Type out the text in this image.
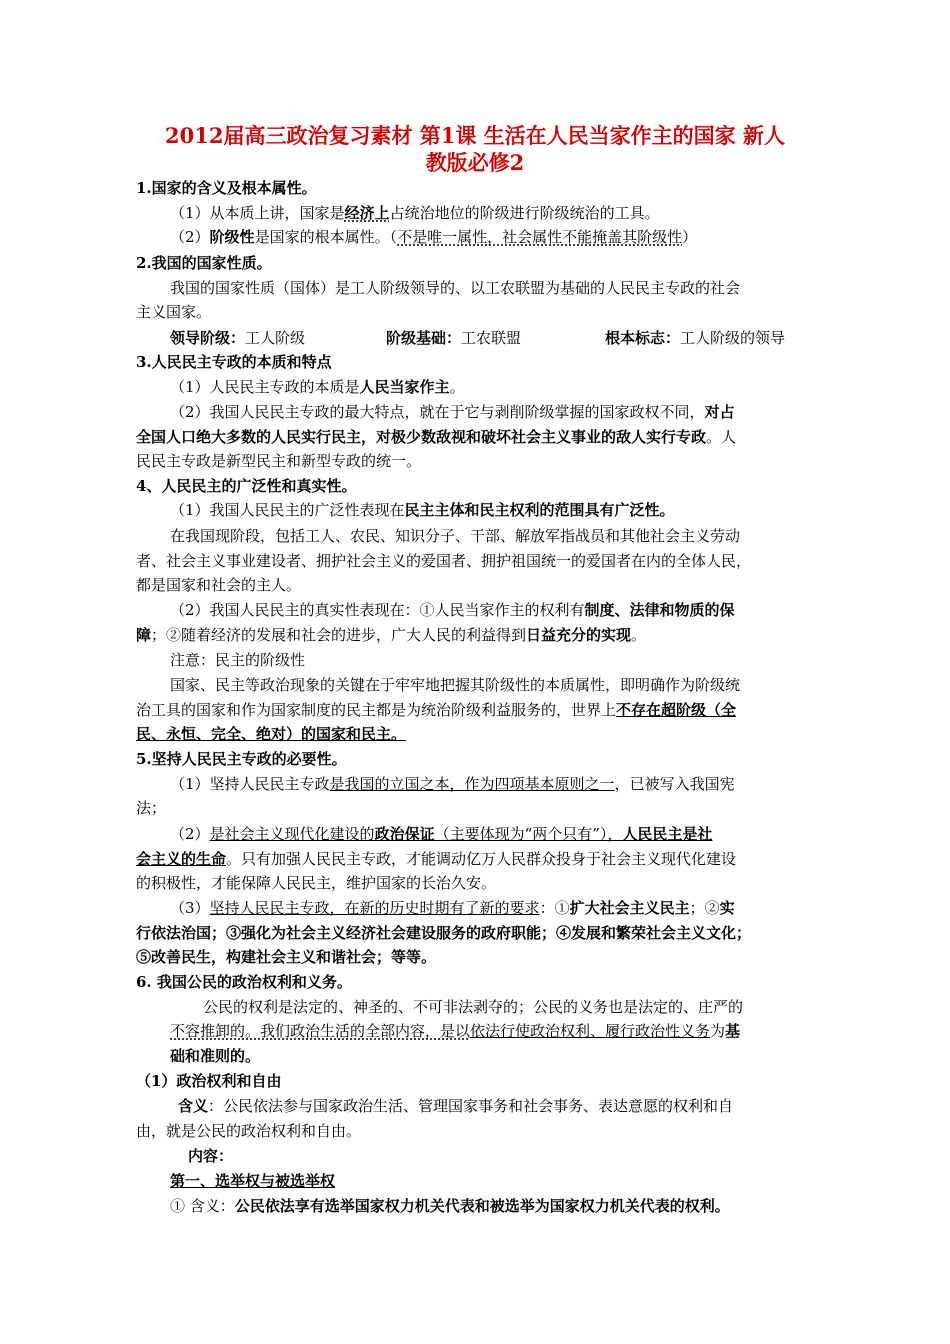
2012届高三政治复习素材 第1课 生活在人民当家作主的国家 新人
教版必修2
1.国家的含义及根本属性。
（1）从本质上讲，国家是经济上占统治地位的阶级进行阶级统治的工具。
（2）阶级性是国家的根本属性。（不是唯一属性，社会属性不能掩盖其阶级性）
2.我国的国家性质。
我国的国家性质（国体）是工人阶级领导的、以工农联盟为基础的人民民主专政的社会
主义国家。
领导阶级：工人阶级	阶级基础：工农联盟	根本标志：工人阶级的领导
3.人民民主专政的本质和特点
（1）人民民主专政的本质是人民当家作主。
（2）我国人民民主专政的最大特点，就在于它与剥削阶级掌握的国家政权不同，对占
全国人口绝大多数的人民实行民主，对极少数敌视和破坏社会主义事业的敌人实行专政。人
民民主专政是新型民主和新型专政的统一。
4、人民民主的广泛性和真实性。
（1）我国人民民主的广泛性表现在民主主体和民主权利的范围具有广泛性。
在我国现阶段，包括工人、农民、知识分子、干部、解放军指战员和其他社会主义劳动
者、社会主义事业建设者、拥护社会主义的爱国者、拥护祖国统一的爱国者在内的全体人民，
都是国家和社会的主人。
（2）我国人民民主的真实性表现在：①人民当家作主的权利有制度、法律和物质的保
障；②随着经济的发展和社会的进步，广大人民的利益得到日益充分的实现。
注意：民主的阶级性
国家、民主等政治现象的关键在于牢牢地把握其阶级性的本质属性，即明确作为阶级统
治工具的国家和作为国家制度的民主都是为统治阶级利益服务的，世界上不存在超阶级（全
民、永恒、完全、绝对）的国家和民主。
5.坚持人民民主专政的必要性。
（1）坚持人民民主专政是我国的立国之本，作为四项基本原则之一，已被写入我国宪
法；
（2）是社会主义现代化建设的政治保证（主要体现为“两个只有”），人民民主是社
会主义的生命。只有加强人民民主专政，才能调动亿万人民群众投身于社会主义现代化建设
的积极性，才能保障人民民主，维护国家的长治久安。
（3）坚持人民民主专政，在新的历史时期有了新的要求：①扩大社会主义民主；②实
行依法治国；③强化为社会主义经济社会建设服务的政府职能；④发展和繁荣社会主义文化；
⑤改善民生，构建社会主义和谐社会；等等。
6. 我国公民的政治权利和义务。
公民的权利是法定的、神圣的、不可非法剥夺的；公民的义务也是法定的、庄严的
不容推卸的。我们政治生活的全部内容，是以依法行使政治权利、履行政治性义务为基
础和准则的。
（1）政治权利和自由
含义：公民依法参与国家政治生活、管理国家事务和社会事务、表达意愿的权利和自
由，就是公民的政治权利和自由。
内容：
第一、选举权与被选举权
① 含义：公民依法享有选举国家权力机关代表和被选举为国家权力机关代表的权利。
